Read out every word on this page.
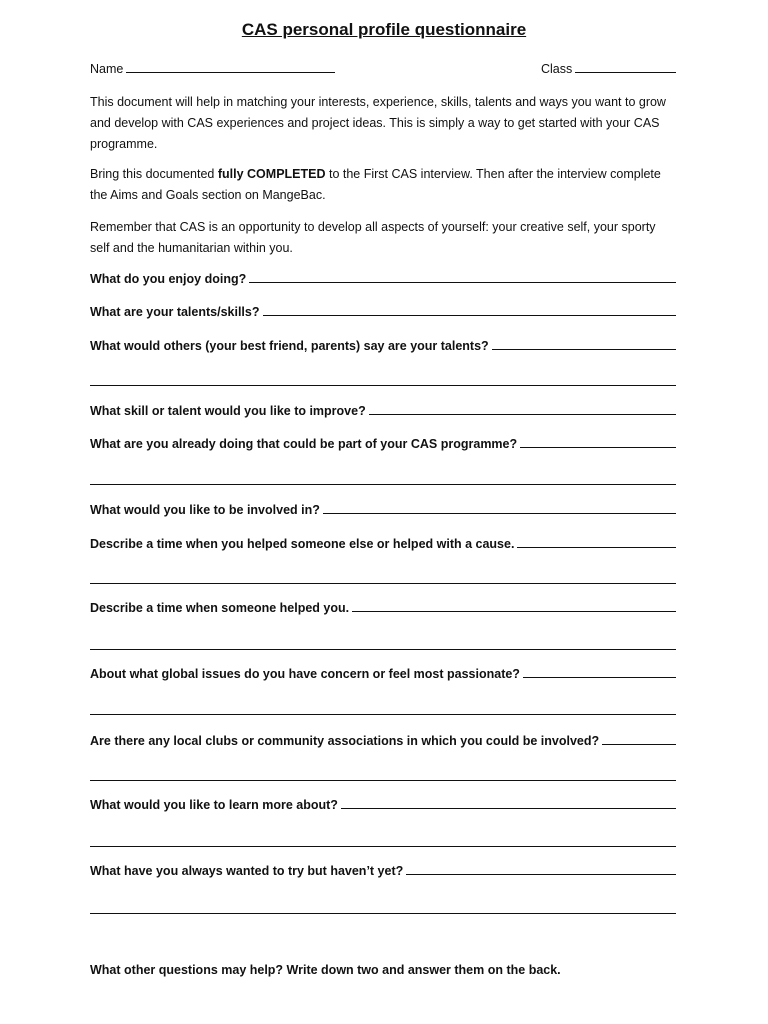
CAS personal profile questionnaire
Name	Class
This document will help in matching your interests, experience, skills, talents and ways you want to grow and develop with CAS experiences and project ideas. This is simply a way to get started with your CAS programme.
Bring this documented fully COMPLETED to the First CAS interview. Then after the interview complete the Aims and Goals section on MangeBac.
Remember that CAS is an opportunity to develop all aspects of yourself: your creative self, your sporty self and the humanitarian within you.
What do you enjoy doing?
What are your talents/skills?
What would others (your best friend, parents) say are your talents?
What skill or talent would you like to improve?
What are you already doing that could be part of your CAS programme?
What would you like to be involved in?
Describe a time when you helped someone else or helped with a cause.
Describe a time when someone helped you.
About what global issues do you have concern or feel most passionate?
Are there any local clubs or community associations in which you could be involved?
What would you like to learn more about?
What have you always wanted to try but haven’t yet?
What other questions may help? Write down two and answer them on the back.
